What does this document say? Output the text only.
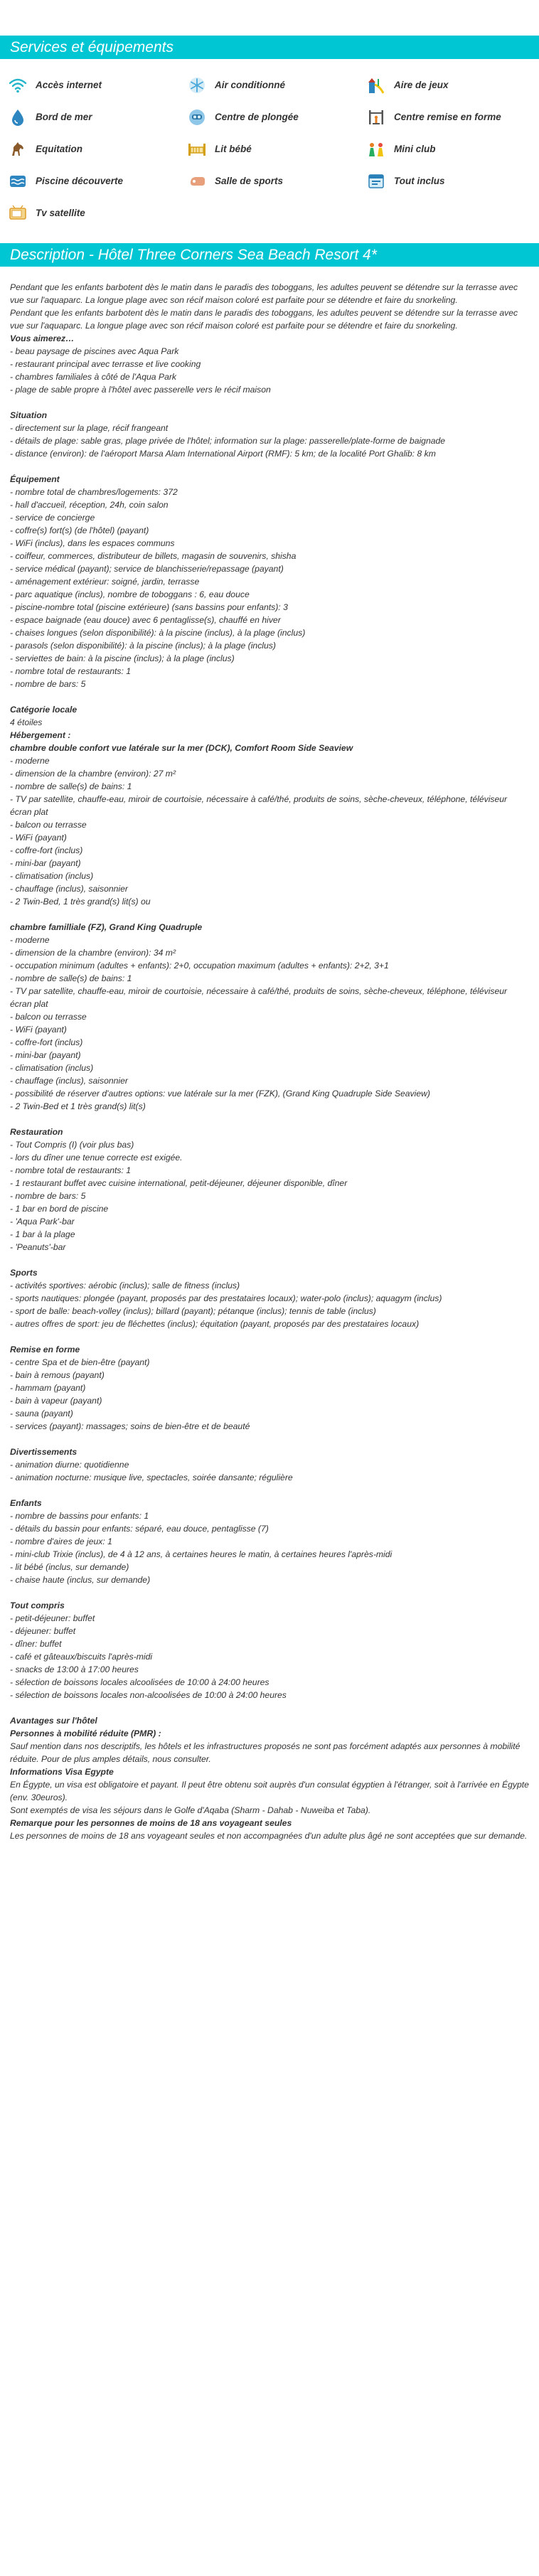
Services et équipements
Accès internet	Air conditionné	Aire de jeux
Bord de mer	Centre de plongée	Centre remise en forme
Equitation	Lit bébé	Mini club
Piscine découverte	Salle de sports	Tout inclus
Tv satellite
Description - Hôtel Three Corners Sea Beach Resort 4*

Pendant que les enfants barbotent dès le matin dans le paradis des toboggans, les adultes peuvent se détendre sur la terrasse avec vue sur l'aquaparc. La longue plage avec son récif maison coloré est parfaite pour se détendre et faire du snorkeling.

Pendant que les enfants barbotent dès le matin dans le paradis des toboggans, les adultes peuvent se détendre sur la terrasse avec vue sur l'aquaparc. La longue plage avec son récif maison coloré est parfaite pour se détendre et faire du snorkeling.

Vous aimerez…

- beau paysage de piscines avec Aqua Park

- restaurant principal avec terrasse et live cooking

- chambres familiales à côté de l'Aqua Park

- plage de sable propre à l'hôtel avec passerelle vers le récif maison

Situation

- directement sur la plage, récif frangeant

- détails de plage: sable gras, plage privée de l'hôtel; information sur la plage: passerelle/plate-forme de baignade

- distance (environ): de l'aéroport Marsa Alam International Airport (RMF): 5 km; de la localité Port Ghalib: 8 km

Équipement

- nombre total de chambres/logements: 372

- hall d'accueil, réception, 24h, coin salon

- service de concierge

- coffre(s) fort(s) (de l'hôtel) (payant)

- WiFi (inclus), dans les espaces communs

- coiffeur, commerces, distributeur de billets, magasin de souvenirs, shisha

- service médical (payant); service de blanchisserie/repassage (payant)

- aménagement extérieur: soigné, jardin, terrasse

- parc aquatique (inclus), nombre de toboggans : 6, eau douce

- piscine-nombre total (piscine extérieure) (sans bassins pour enfants): 3

- espace baignade (eau douce) avec 6 pentaglisse(s), chauffé en hiver

- chaises longues (selon disponibilité): à la piscine (inclus), à la plage (inclus)

- parasols (selon disponibilité): à la piscine (inclus); à la plage (inclus)

- serviettes de bain: à la piscine (inclus); à la plage (inclus)

- nombre total de restaurants: 1

- nombre de bars: 5

Catégorie locale

4 étoiles

Hébergement :

chambre double confort vue latérale sur la mer (DCK), Comfort Room Side Seaview

- moderne

- dimension de la chambre (environ): 27 m²

- nombre de salle(s) de bains: 1

- TV par satellite, chauffe-eau, miroir de courtoisie, nécessaire à café/thé, produits de soins, sèche-cheveux, téléphone, téléviseur écran plat

- balcon ou terrasse

- WiFi (payant)

- coffre-fort (inclus)

- mini-bar (payant)

- climatisation (inclus)

- chauffage (inclus), saisonnier

- 2 Twin-Bed, 1 très grand(s) lit(s) ou

chambre familliale (FZ), Grand King Quadruple

- moderne

- dimension de la chambre (environ): 34 m²

- occupation minimum (adultes + enfants): 2+0, occupation maximum (adultes + enfants): 2+2, 3+1

- nombre de salle(s) de bains: 1

- TV par satellite, chauffe-eau, miroir de courtoisie, nécessaire à café/thé, produits de soins, sèche-cheveux, téléphone, téléviseur écran plat

- balcon ou terrasse

- WiFi (payant)

- coffre-fort (inclus)

- mini-bar (payant)

- climatisation (inclus)

- chauffage (inclus), saisonnier

- possibilité de réserver d'autres options: vue latérale sur la mer (FZK), (Grand King Quadruple Side Seaview)

- 2 Twin-Bed et 1 très grand(s) lit(s)

Restauration

- Tout Compris (I) (voir plus bas)

- lors du dîner une tenue correcte est exigée.

- nombre total de restaurants: 1

- 1 restaurant buffet avec cuisine international, petit-déjeuner, déjeuner disponible, dîner

- nombre de bars: 5

- 1 bar en bord de piscine

- 'Aqua Park'-bar

- 1 bar à la plage

- 'Peanuts'-bar

Sports

- activités sportives: aérobic (inclus); salle de fitness (inclus)

- sports nautiques: plongée (payant, proposés par des prestataires locaux); water-polo (inclus); aquagym (inclus)

- sport de balle: beach-volley (inclus); billard (payant); pétanque (inclus); tennis de table (inclus)

- autres offres de sport: jeu de fléchettes (inclus); équitation (payant, proposés par des prestataires locaux)

Remise en forme

- centre Spa et de bien-être (payant)

- bain à remous (payant)

- hammam (payant)

- bain à vapeur (payant)

- sauna (payant)

- services (payant): massages; soins de bien-être et de beauté

Divertissements

- animation diurne: quotidienne

- animation nocturne: musique live, spectacles, soirée dansante; régulière

Enfants

- nombre de bassins pour enfants: 1

- détails du bassin pour enfants: séparé, eau douce, pentaglisse (7)

- nombre d'aires de jeux: 1

- mini-club Trixie (inclus), de 4 à 12 ans, à certaines heures le matin, à certaines heures l'après-midi

- lit bébé (inclus, sur demande)

- chaise haute (inclus, sur demande)

Tout compris

- petit-déjeuner: buffet

- déjeuner: buffet

- dîner: buffet

- café et gâteaux/biscuits l'après-midi

- snacks de 13:00 à 17:00 heures

- sélection de boissons locales alcoolisées de 10:00 à 24:00 heures

- sélection de boissons locales non-alcoolisées de 10:00 à 24:00 heures

Avantages sur l'hôtel

Personnes à mobilité réduite (PMR) :

Sauf mention dans nos descriptifs, les hôtels et les infrastructures proposés ne sont pas forcément adaptés aux personnes à mobilité réduite. Pour de plus amples détails, nous consulter.

Informations Visa Egypte

En Égypte, un visa est obligatoire et payant. Il peut être obtenu soit auprès d'un consulat égyptien à l'étranger, soit à l'arrivée en Égypte (env. 30euros).

Sont exemptés de visa les séjours dans le Golfe d'Aqaba (Sharm - Dahab - Nuweiba et Taba).

Remarque pour les personnes de moins de 18 ans voyageant seules

Les personnes de moins de 18 ans voyageant seules et non accompagnées d'un adulte plus âgé ne sont acceptées que sur demande.
